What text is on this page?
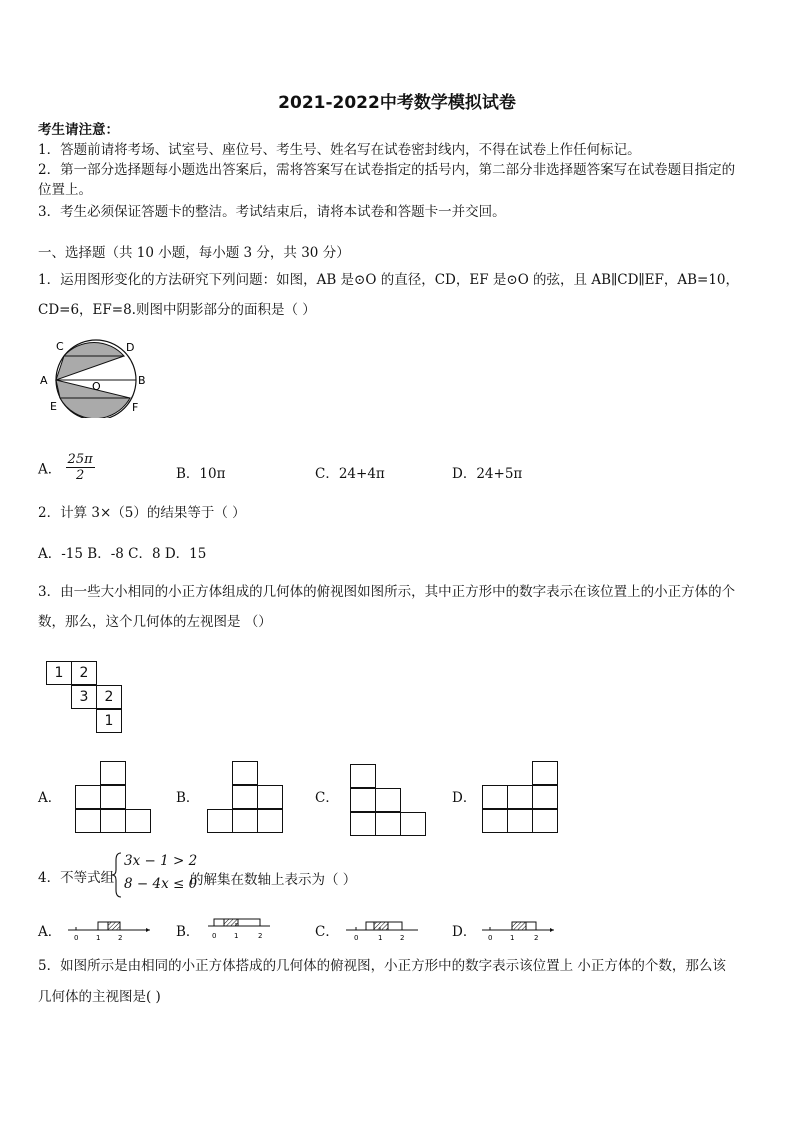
2021-2022中考数学模拟试卷
考生请注意：
1．答题前请将考场、试室号、座位号、考生号、姓名写在试卷密封线内，不得在试卷上作任何标记。
2．第一部分选择题每小题选出答案后，需将答案写在试卷指定的括号内，第二部分非选择题答案写在试卷题目指定的
位置上。
3．考生必须保证答题卡的整洁。考试结束后，请将本试卷和答题卡一并交回。
一、选择题（共 10 小题，每小题 3 分，共 30 分）
1．运用图形变化的方法研究下列问题：如图，AB 是⊙O 的直径，CD，EF 是⊙O 的弦，且 AB∥CD∥EF，AB=10，
CD=6，EF=8.则图中阴影部分的面积是（ ）
C	D
A	O	B
E	F
A． $\frac{25\pi}{2}$	B．10π	C．24+4π	D．24+5π
2．计算 3×（5）的结果等于（ ）
A．-15 B．-8 C．8 D．15
3．由一些大小相同的小正方体组成的几何体的俯视图如图所示，其中正方形中的数字表示在该位置上的小正方体的个
数，那么，这个几何体的左视图是 （）
1	2
3	2
1
A．	B．	C．	D．
4．不等式组
3x − 1 > 2
8 − 4x ≤ 0
的解集在数轴上表示为（ ）
A．	B．	C．	D．
0	1	2	0	1	2	0	1	2	0	1	2
5．如图所示是由相同的小正方体搭成的几何体的俯视图，小正方形中的数字表示该位置上 小正方体的个数，那么该
几何体的主视图是( )
